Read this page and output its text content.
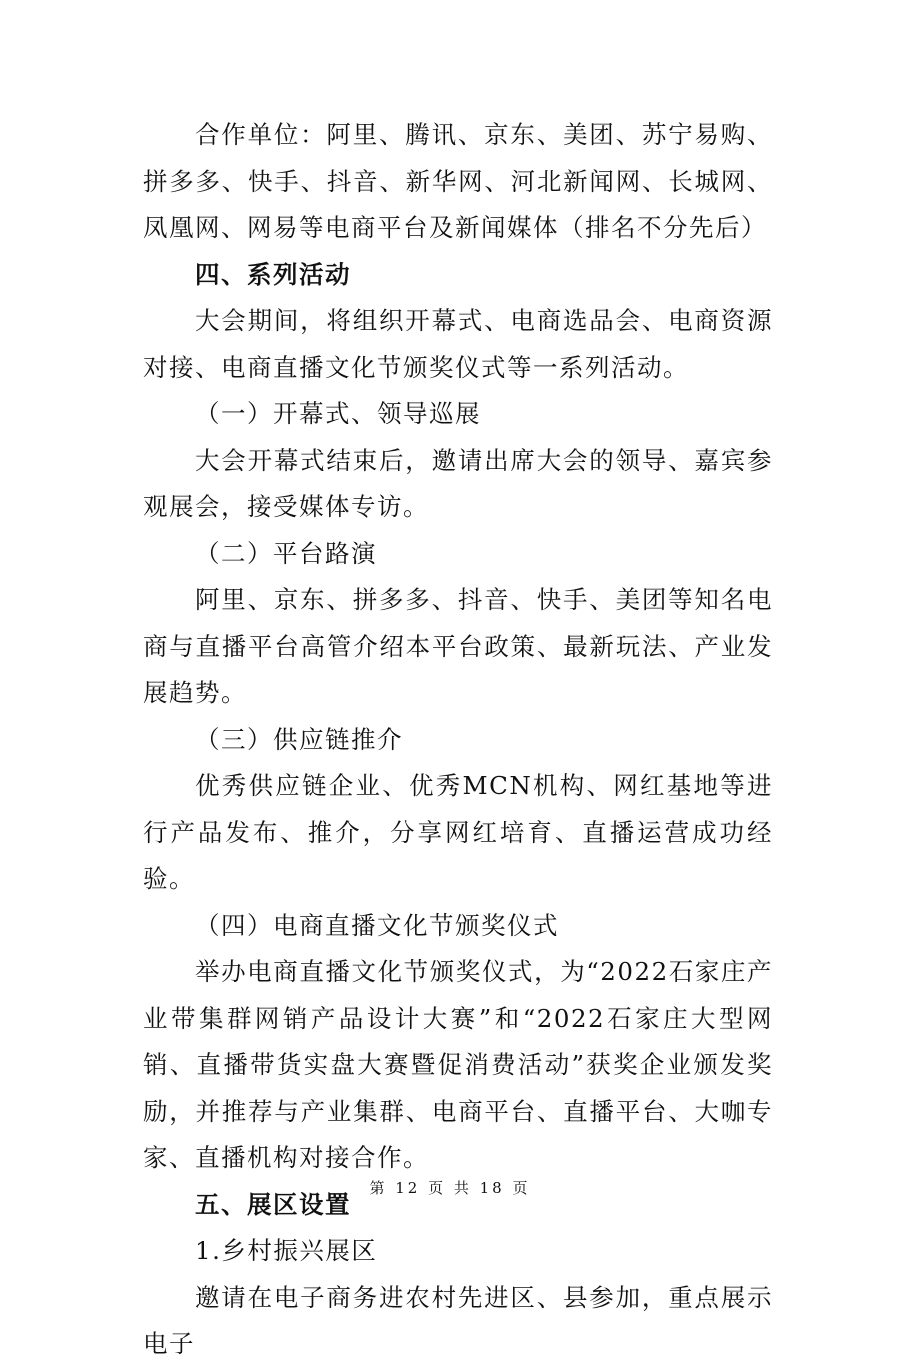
合作单位：阿里、腾讯、京东、美团、苏宁易购、拼多多、快手、抖音、新华网、河北新闻网、长城网、凤凰网、网易等电商平台及新闻媒体（排名不分先后）

四、系列活动

大会期间，将组织开幕式、电商选品会、电商资源对接、电商直播文化节颁奖仪式等一系列活动。

（一）开幕式、领导巡展

大会开幕式结束后，邀请出席大会的领导、嘉宾参观展会，接受媒体专访。

（二）平台路演

阿里、京东、拼多多、抖音、快手、美团等知名电商与直播平台高管介绍本平台政策、最新玩法、产业发展趋势。

（三）供应链推介

优秀供应链企业、优秀MCN机构、网红基地等进行产品发布、推介，分享网红培育、直播运营成功经验。

（四）电商直播文化节颁奖仪式

举办电商直播文化节颁奖仪式，为“2022石家庄产业带集群网销产品设计大赛”和“2022石家庄大型网销、直播带货实盘大赛暨促消费活动”获奖企业颁发奖励，并推荐与产业集群、电商平台、直播平台、大咖专家、直播机构对接合作。

五、展区设置

1.乡村振兴展区

邀请在电子商务进农村先进区、县参加，重点展示电子

第 12 页 共 18 页
